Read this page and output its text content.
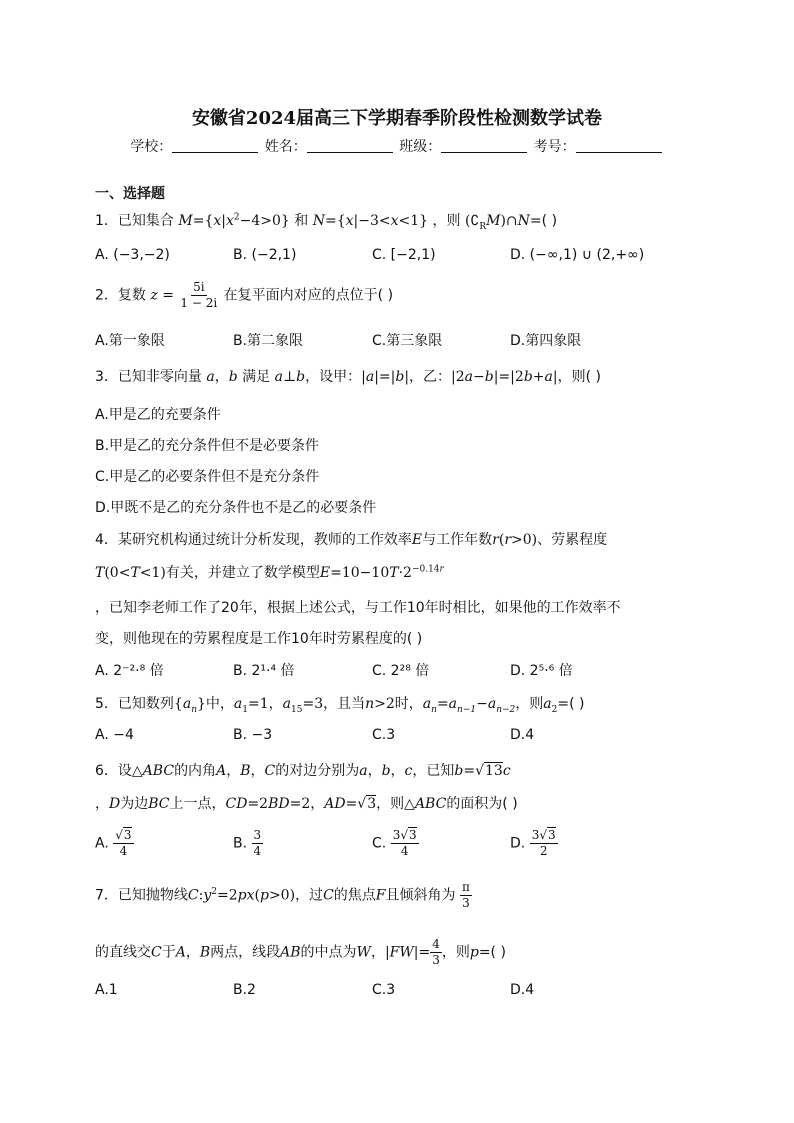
安徽省2024届高三下学期春季阶段性检测数学试卷
学校：	姓名：	班级：	考号：
一、选择题
1．已知集合 $M=\{x|x^2-4>0\}$ 和 N={x|−3<x<1} ，则 $(∁_RM)\cap N=$( )
A. (−3,−2)	B. (−2,1)	C. [−2,1)	D. (−∞,1) ∪ (2,+∞)
2．复数 $z = \frac{5i}{1 - 2i}$ 在复平面内对应的点位于( )
A.第一象限	B.第二象限	C.第三象限	D.第四象限
3．已知非零向量 a，b 满足 a⊥b，设甲：|a|=|b|，乙：|2a−b|=|2b+a|，则( )
A.甲是乙的充要条件
B.甲是乙的充分条件但不是必要条件
C.甲是乙的必要条件但不是充分条件
D.甲既不是乙的充分条件也不是乙的必要条件
4．某研究机构通过统计分析发现，教师的工作效率E与工作年数r(r>0)、劳累程度
T(0<T<1)有关，并建立了数学模型$E=10-10T\cdot 2^{-0.14r}$
，已知李老师工作了20年，根据上述公式，与工作10年时相比，如果他的工作效率不
变，则他现在的劳累程度是工作10年时劳累程度的( )
A. 2⁻²·⁸ 倍	B. 2¹·⁴ 倍	C. 2²⁸ 倍	D. 2⁵·⁶ 倍
5．已知数列$\{a_n\}$中，$a_1=1$，$a_{15}=3$，且当n>2时，$a_n=a_{n-1}-a_{n-2}$，则$a_2=$( )
A. −4	B. −3	C.3	D.4
6．设△ABC的内角A，B，C的对边分别为a，b，c，已知b=√13c
，D为边BC上一点，CD=2BD=2，AD=√3，则△ABC的面积为( )
A. $\frac{√3}{4}$	B. $\frac{3}{4}$	C. $\frac{3√3}{4}$	D. $\frac{3√3}{2}$
7．已知抛物线$C:y^2=2px(p>0)$，过C的焦点F且倾斜角为 $\frac{\pi}{3}$
的直线交C于A，B两点，线段AB的中点为W，$|FW|= \frac{4}{3}$ ，则p=( )
A.1	B.2	C.3	D.4
